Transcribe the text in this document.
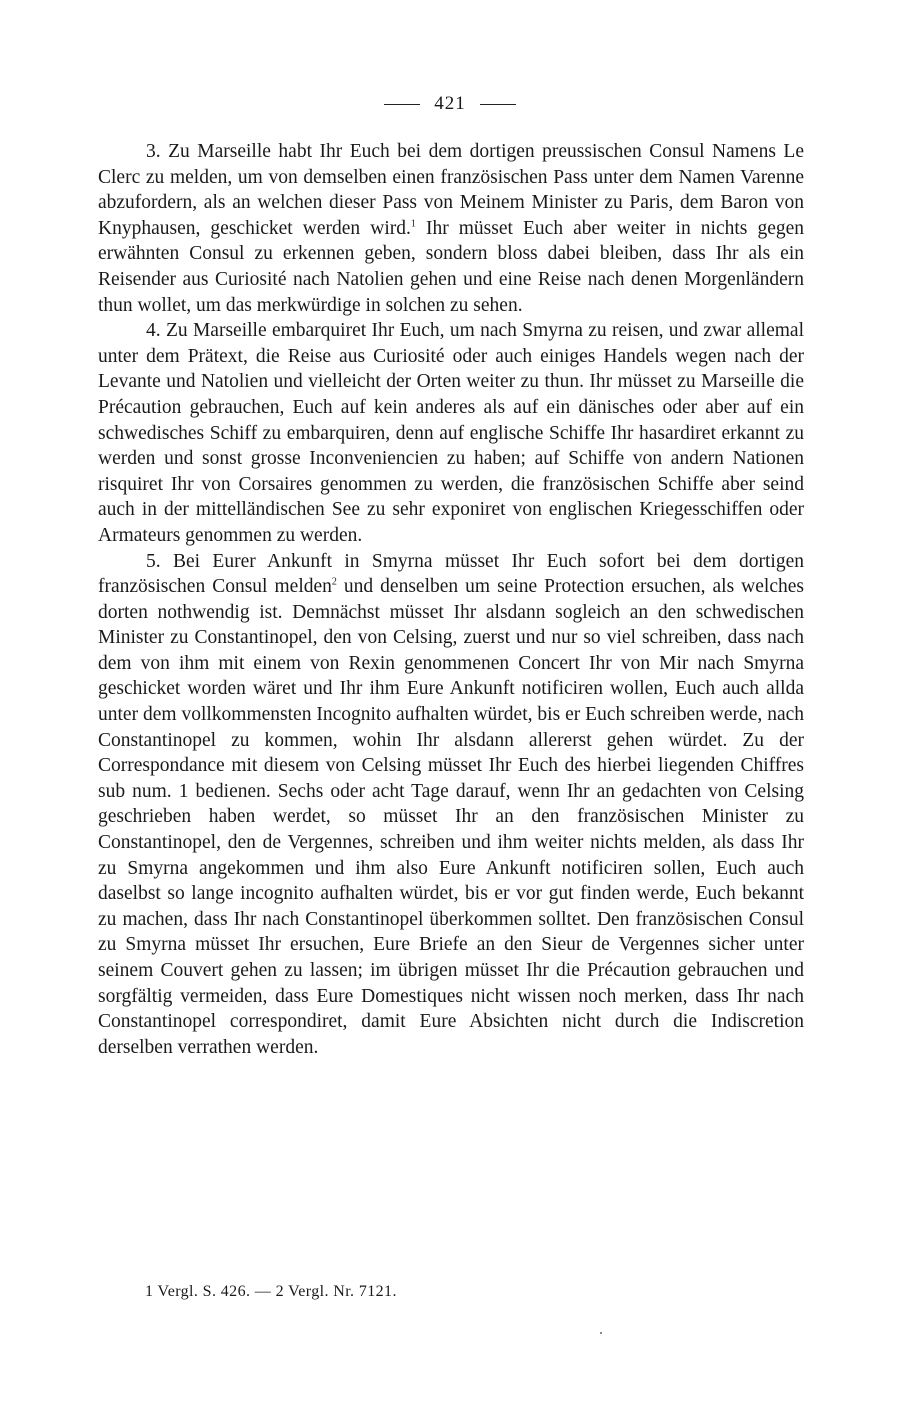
421

3. Zu Marseille habt Ihr Euch bei dem dortigen preussischen Consul Namens Le Clerc zu melden, um von demselben einen französischen Pass unter dem Namen Varenne abzufordern, als an welchen dieser Pass von Meinem Minister zu Paris, dem Baron von Knyphausen, geschicket werden wird.$^1$ Ihr müsset Euch aber weiter in nichts gegen erwähnten Consul zu erkennen geben, sondern bloss dabei bleiben, dass Ihr als ein Reisender aus Curiosité nach Natolien gehen und eine Reise nach denen Morgenländern thun wollet, um das merkwürdige in solchen zu sehen.

4. Zu Marseille embarquiret Ihr Euch, um nach Smyrna zu reisen, und zwar allemal unter dem Prätext, die Reise aus Curiosité oder auch einiges Handels wegen nach der Levante und Natolien und vielleicht der Orten weiter zu thun. Ihr müsset zu Marseille die Précaution gebrauchen, Euch auf kein anderes als auf ein dänisches oder aber auf ein schwedisches Schiff zu embarquiren, denn auf englische Schiffe Ihr hasardiret erkannt zu werden und sonst grosse Inconveniencien zu haben; auf Schiffe von andern Nationen risquiret Ihr von Corsaires genommen zu werden, die französischen Schiffe aber seind auch in der mittelländischen See zu sehr exponiret von englischen Kriegesschiffen oder Armateurs genommen zu werden.

5. Bei Eurer Ankunft in Smyrna müsset Ihr Euch sofort bei dem dortigen französischen Consul melden$^2$ und denselben um seine Protection ersuchen, als welches dorten nothwendig ist. Demnächst müsset Ihr alsdann sogleich an den schwedischen Minister zu Constantinopel, den von Celsing, zuerst und nur so viel schreiben, dass nach dem von ihm mit einem von Rexin genommenen Concert Ihr von Mir nach Smyrna geschicket worden wäret und Ihr ihm Eure Ankunft notificiren wollen, Euch auch allda unter dem vollkommensten Incognito aufhalten würdet, bis er Euch schreiben werde, nach Constantinopel zu kommen, wohin Ihr alsdann allererst gehen würdet. Zu der Correspondance mit diesem von Celsing müsset Ihr Euch des hierbei liegenden Chiffres sub num. 1 bedienen. Sechs oder acht Tage darauf, wenn Ihr an gedachten von Celsing geschrieben haben werdet, so müsset Ihr an den französischen Minister zu Constantinopel, den de Vergennes, schreiben und ihm weiter nichts melden, als dass Ihr zu Smyrna angekommen und ihm also Eure Ankunft notificiren sollen, Euch auch daselbst so lange incognito aufhalten würdet, bis er vor gut finden werde, Euch bekannt zu machen, dass Ihr nach Constantinopel überkommen solltet. Den französischen Consul zu Smyrna müsset Ihr ersuchen, Eure Briefe an den Sieur de Vergennes sicher unter seinem Couvert gehen zu lassen; im übrigen müsset Ihr die Précaution gebrauchen und sorgfältig vermeiden, dass Eure Domestiques nicht wissen noch merken, dass Ihr nach Constantinopel correspondiret, damit Eure Absichten nicht durch die Indiscretion derselben verrathen werden.

1 Vergl. S. 426. — 2 Vergl. Nr. 7121.
